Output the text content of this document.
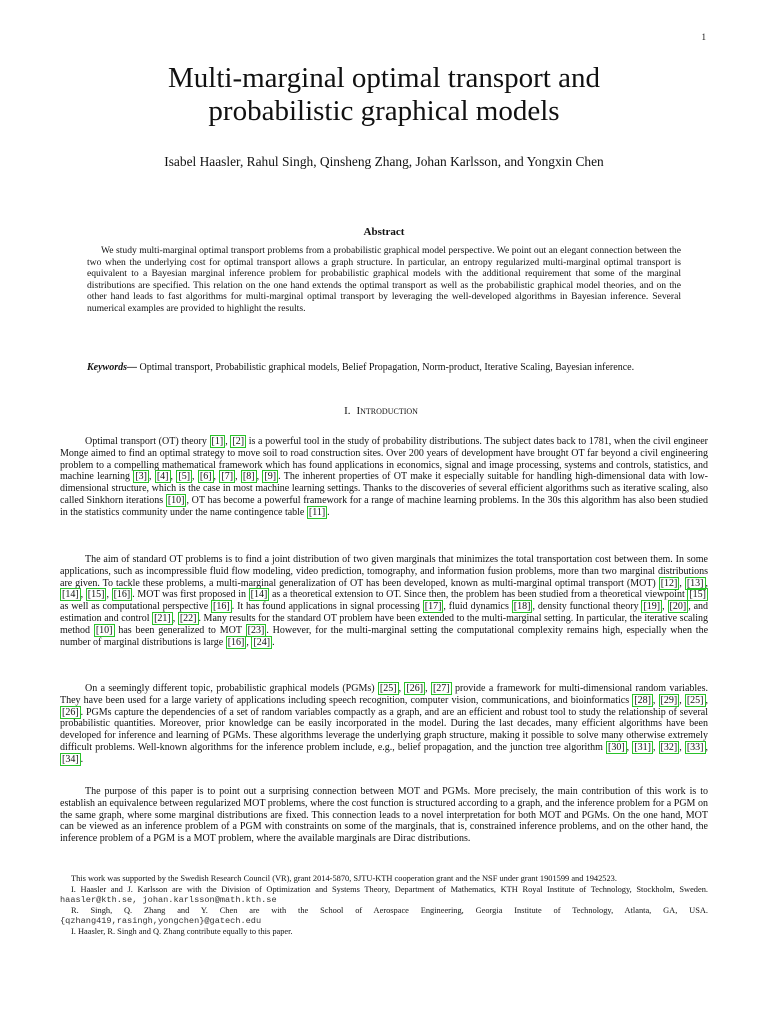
1
Multi-marginal optimal transport and
probabilistic graphical models
Isabel Haasler, Rahul Singh, Qinsheng Zhang, Johan Karlsson, and Yongxin Chen
Abstract

We study multi-marginal optimal transport problems from a probabilistic graphical model perspective. We point out an elegant connection between the two when the underlying cost for optimal transport allows a graph structure. In particular, an entropy regularized multi-marginal optimal transport is equivalent to a Bayesian marginal inference problem for probabilistic graphical models with the additional requirement that some of the marginal distributions are specified. This relation on the one hand extends the optimal transport as well as the probabilistic graphical model theories, and on the other hand leads to fast algorithms for multi-marginal optimal transport by leveraging the well-developed algorithms in Bayesian inference. Several numerical examples are provided to highlight the results.

Keywords— Optimal transport, Probabilistic graphical models, Belief Propagation, Norm-product, Iterative Scaling, Bayesian inference.
I. Introduction

Optimal transport (OT) theory [1] , [2] is a powerful tool in the study of probability distributions. The subject dates back to 1781, when the civil engineer Monge aimed to find an optimal strategy to move soil to road construction sites. Over 200 years of development have brought OT far beyond a civil engineering problem to a compelling mathematical framework which has found applications in economics, signal and image processing, systems and controls, statistics, and machine learning [3] , [4] , [5] , [6] , [7] , [8] , [9] . The inherent properties of OT make it especially suitable for handling high-dimensional data with low-dimensional structure, which is the case in most machine learning settings. Thanks to the discoveries of several efficient algorithms such as iterative scaling, also called Sinkhorn iterations [10] , OT has become a powerful framework for a range of machine learning problems. In the 30s this algorithm has also been studied in the statistics community under the name contingence table [11] .

The aim of standard OT problems is to find a joint distribution of two given marginals that minimizes the total transportation cost between them. In some applications, such as incompressible fluid flow modeling, video prediction, tomography, and information fusion problems, more than two marginal distributions are given. To tackle these problems, a multi-marginal generalization of OT has been developed, known as multi-marginal optimal transport (MOT) [12] , [13] , [14] , [15] , [16] . MOT was first proposed in [14] as a theoretical extension to OT. Since then, the problem has been studied from a theoretical viewpoint [15] as well as computational perspective [16] . It has found applications in signal processing [17] , fluid dynamics [18] , density functional theory [19] , [20] , and estimation and control [21] , [22] . Many results for the standard OT problem have been extended to the multi-marginal setting. In particular, the iterative scaling method [10] has been generalized to MOT [23] . However, for the multi-marginal setting the computational complexity remains high, especially when the number of marginal distributions is large [16] , [24] .

On a seemingly different topic, probabilistic graphical models (PGMs) [25] , [26] , [27] provide a framework for multi-dimensional random variables. They have been used for a large variety of applications including speech recognition, computer vision, communications, and bioinformatics [28] , [29] , [25] , [26] . PGMs capture the dependencies of a set of random variables compactly as a graph, and are an efficient and robust tool to study the relationship of several probabilistic quantities. Moreover, prior knowledge can be easily incorporated in the model. During the last decades, many efficient algorithms have been developed for inference and learning of PGMs. These algorithms leverage the underlying graph structure, making it possible to solve many otherwise extremely difficult problems. Well-known algorithms for the inference problem include, e.g., belief propagation, and the junction tree algorithm [30] , [31] , [32] , [33] , [34] .

The purpose of this paper is to point out a surprising connection between MOT and PGMs. More precisely, the main contribution of this work is to establish an equivalence between regularized MOT problems, where the cost function is structured according to a graph, and the inference problem for a PGM on the same graph, where some marginal distributions are fixed. This connection leads to a novel interpretation for both MOT and PGMs. On the one hand, MOT can be viewed as an inference problem of a PGM with constraints on some of the marginals, that is, constrained inference problems, and on the other hand, the inference problem of a PGM is a MOT problem, where the available marginals are Dirac distributions.

This work was supported by the Swedish Research Council (VR), grant 2014-5870, SJTU-KTH cooperation grant and the NSF under grant 1901599 and 1942523.

I. Haasler and J. Karlsson are with the Division of Optimization and Systems Theory, Department of Mathematics, KTH Royal Institute of Technology, Stockholm, Sweden. haasler@kth.se, johan.karlsson@math.kth.se

R. Singh, Q. Zhang and Y. Chen are with the School of Aerospace Engineering, Georgia Institute of Technology, Atlanta, GA, USA. {qzhang419,rasingh,yongchen}@gatech.edu

I. Haasler, R. Singh and Q. Zhang contribute equally to this paper.
